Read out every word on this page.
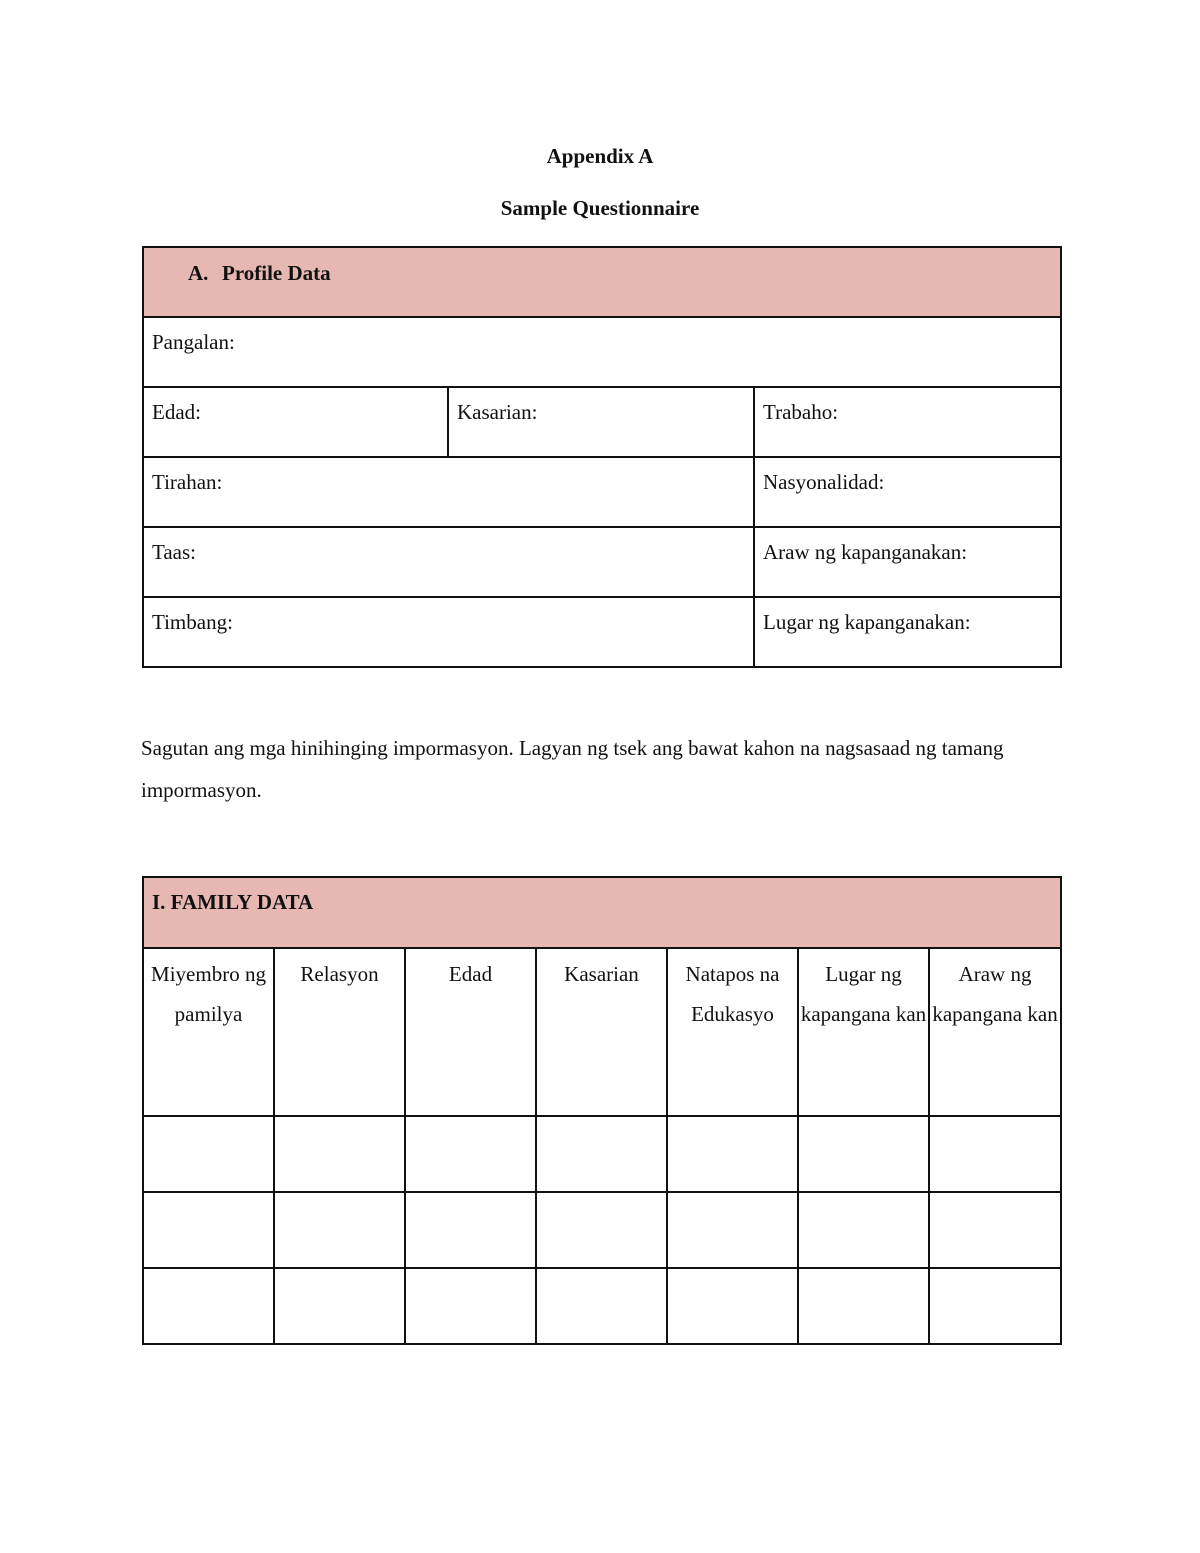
Appendix A
Sample Questionnaire
A. Profile Data		
Pangalan:		
Edad:	Kasarian:	Trabaho:
Tirahan:		Nasyonalidad:
Taas:		Araw ng kapanganakan:
Timbang:		Lugar ng kapanganakan:

Sagutan ang mga hinihinging impormasyon. Lagyan ng tsek ang bawat kahon na nagsasaad ng tamang impormasyon.

I. FAMILY DATA						
Miyembro ng pamilya	Relasyon	Edad	Kasarian	Natapos na Edukasyo	Lugar ng kapangana kan	Araw ng kapangana kan
